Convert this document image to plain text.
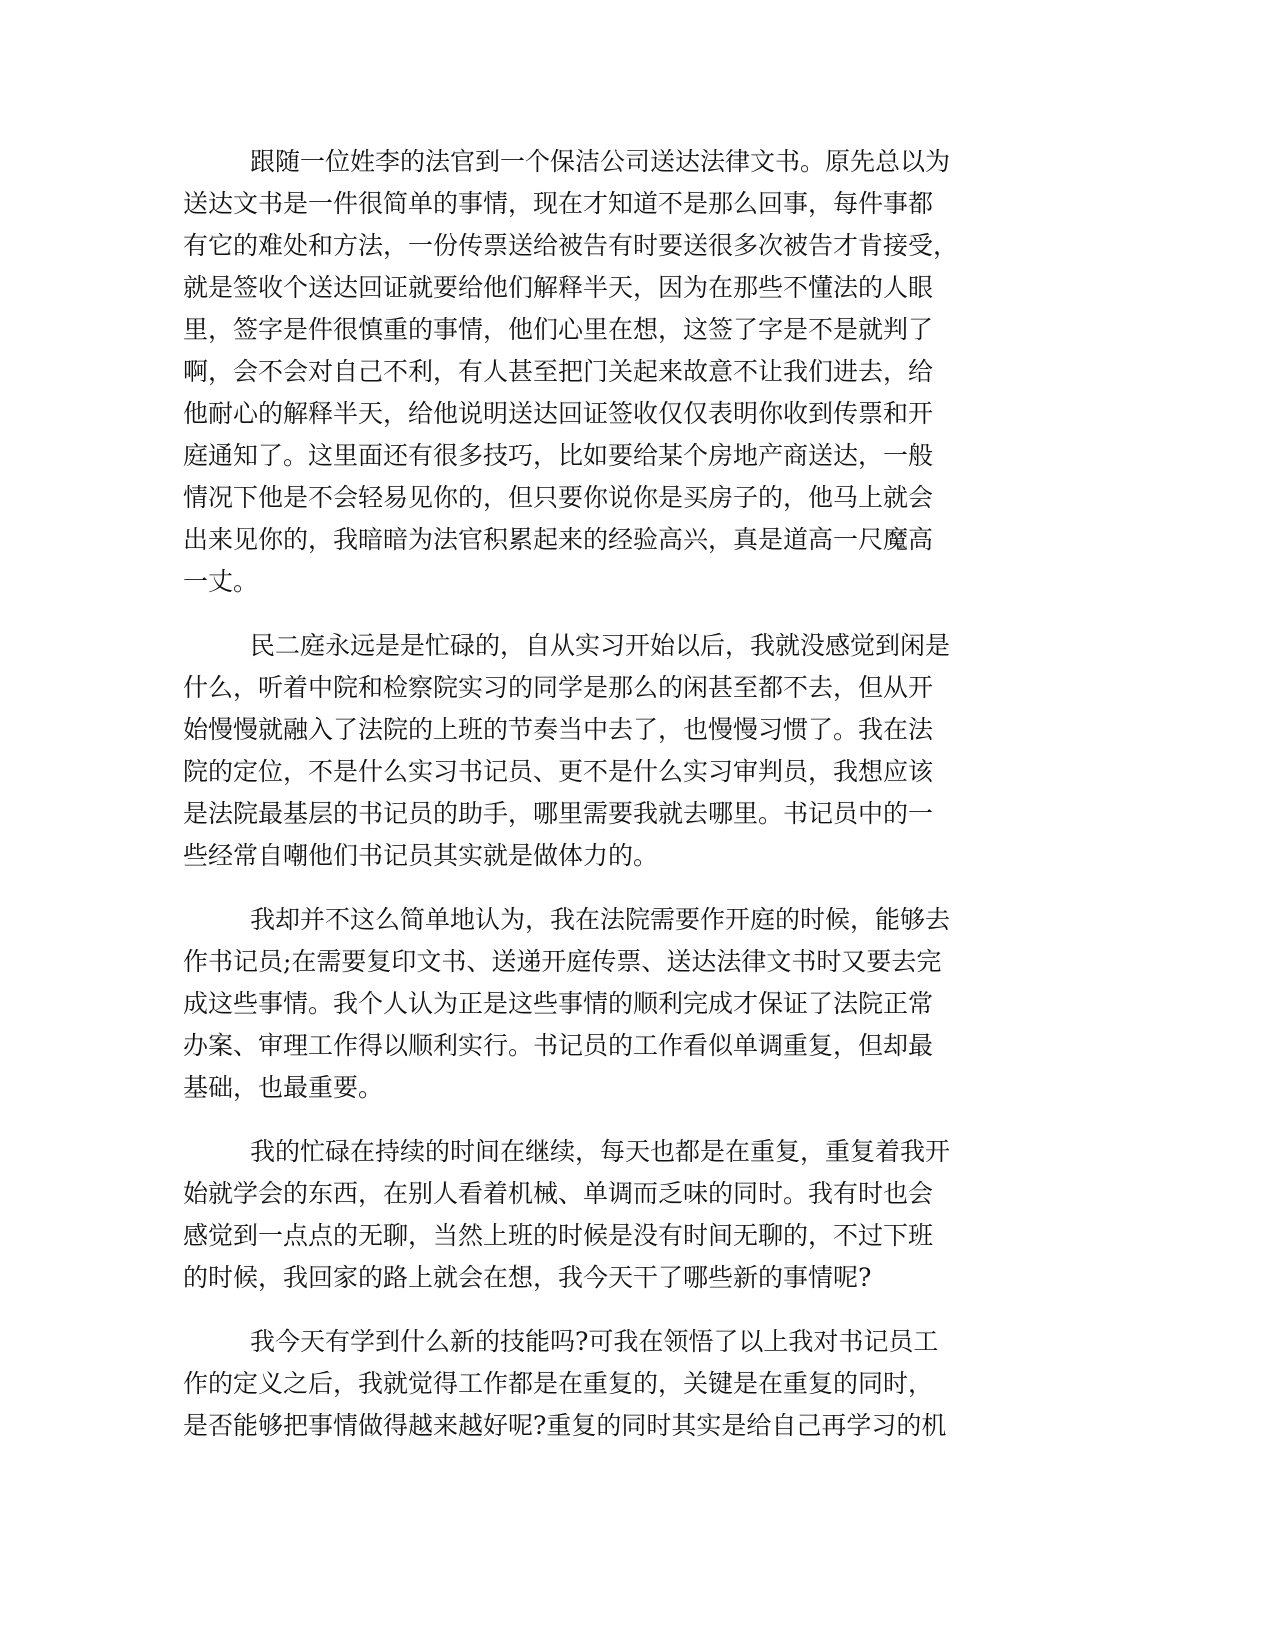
跟随一位姓李的法官到一个保洁公司送达法律文书。原先总以为
送达文书是一件很简单的事情，现在才知道不是那么回事，每件事都
有它的难处和方法，一份传票送给被告有时要送很多次被告才肯接受，
就是签收个送达回证就要给他们解释半天，因为在那些不懂法的人眼
里，签字是件很慎重的事情，他们心里在想，这签了字是不是就判了
啊，会不会对自己不利，有人甚至把门关起来故意不让我们进去，给
他耐心的解释半天，给他说明送达回证签收仅仅表明你收到传票和开
庭通知了。这里面还有很多技巧，比如要给某个房地产商送达，一般
情况下他是不会轻易见你的，但只要你说你是买房子的，他马上就会
出来见你的，我暗暗为法官积累起来的经验高兴，真是道高一尺魔高
一丈。
民二庭永远是是忙碌的，自从实习开始以后，我就没感觉到闲是
什么，听着中院和检察院实习的同学是那么的闲甚至都不去，但从开
始慢慢就融入了法院的上班的节奏当中去了，也慢慢习惯了。我在法
院的定位，不是什么实习书记员、更不是什么实习审判员，我想应该
是法院最基层的书记员的助手，哪里需要我就去哪里。书记员中的一
些经常自嘲他们书记员其实就是做体力的。
我却并不这么简单地认为，我在法院需要作开庭的时候，能够去
作书记员;在需要复印文书、送递开庭传票、送达法律文书时又要去完
成这些事情。我个人认为正是这些事情的顺利完成才保证了法院正常
办案、审理工作得以顺利实行。书记员的工作看似单调重复，但却最
基础，也最重要。
我的忙碌在持续的时间在继续，每天也都是在重复，重复着我开
始就学会的东西，在别人看着机械、单调而乏味的同时。我有时也会
感觉到一点点的无聊，当然上班的时候是没有时间无聊的，不过下班
的时候，我回家的路上就会在想，我今天干了哪些新的事情呢?
我今天有学到什么新的技能吗?可我在领悟了以上我对书记员工
作的定义之后，我就觉得工作都是在重复的，关键是在重复的同时，
是否能够把事情做得越来越好呢?重复的同时其实是给自己再学习的机
